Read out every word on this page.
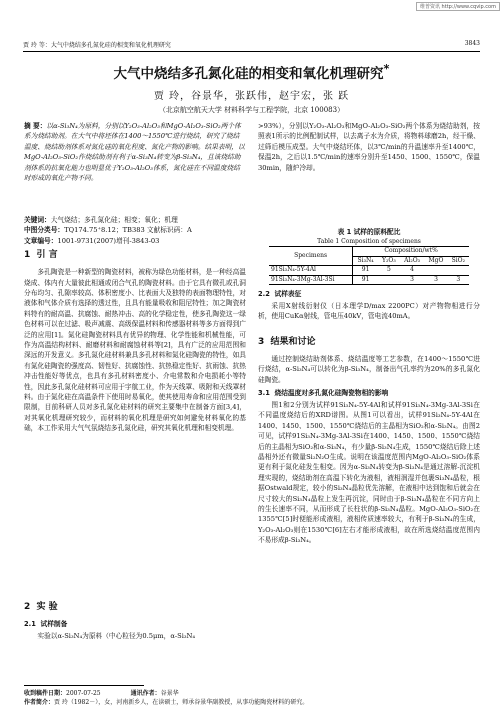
维普资讯 http://www.cqvip.com
贾 玲 等：大气中烧结多孔氮化硅的相变和氧化机理研究	3843
大气中烧结多孔氮化硅的相变和氧化机理研究*
贾 玲，谷景华，张跃伟，赵宇宏，张 跃
（北京航空航天大学 材料科学与工程学院，北京 100083）
摘 要：以α-Si₃N₄为原料，分别以Y₂O₃-Al₂O₃和MgO-Al₂O₃-SiO₂两个体系为烧结助剂。在大气中将坯体在1400～1550℃进行烧结，研究了烧结温度、烧结助剂体系对氮化硅的氧化程度、氮化产物的影响。结果表明，以MgO-Al₂O₃-SiO₂作烧结助剂有利于α-Si₃N₄转变为β-Si₃N₄，且该烧结助剂体系的抗氧化能力也明显优于Y₂O₃-Al₂O₃体系，氮化硅在不同温度烧结时形成的氧化产物不同。

关键词：大气烧结；多孔氮化硅；相变；氧化；机理

中图分类号：TQ174.75⁺8.12；TB383 文献标识码：A

文章编号：1001-9731(2007)增刊-3843-03

1 引 言

多孔陶瓷是一种新型的陶瓷材料，被称为绿色功能材料，是一种经高温烧成、体内有大量彼此相通或闭合气孔的陶瓷材料。由于它具有微孔或孔洞分布均匀、孔隙率较高、体积密度小、比表面大及独特的表面物理特性，对液体和气体介质有选择的透过性，且具有能量吸收和阻尼特性；加之陶瓷材料特有的耐高温、抗腐蚀、耐热冲击、高的化学稳定性，使多孔陶瓷这一绿色材料可以在过滤、吸声减震、高级保温材料和传感器材料等多方面得到广泛的应用[1]。氮化硅陶瓷材料具有优异的物理、化学性能和机械性能，可作为高温结构材料、耐磨材料和耐腐蚀材料等[2]，具有广泛的应用范围和深远的开发意义。多孔氮化硅材料兼具多孔材料和氮化硅陶瓷的特性，如具有氮化硅陶瓷的强度高、韧性好、抗腐蚀性、抗热稳定性好、抗雨蚀、抗热冲击性能好等优点，也具有多孔材料密度小、介电常数和介电损耗小等特性，因此多孔氮化硅材料可应用于宇航工业，作为天线罩、吸附和天线罩材料。由于氮化硅在高温条件下使用时易氧化，使其使用寿命和应用范围受到限制，目前科研人员对多孔氮化硅材料的研究主要集中在制备方面[3,4]，对其氧化机理研究较少，而材料的氧化机理是研究如何避免材料氧化的基础，本工作采用大气气氛烧结多孔氮化硅，研究其氧化机理和相变机理。

2 实 验
2.1 试样制备

实验以α-Si₃N₄为原料（中心粒径为0.5μm，α-Si₃N₄

>93%），分别以Y₂O₃-Al₂O₃和MgO-Al₂O₃-SiO₂两个体系为烧结助剂，按照表1所示的比例配制试样，以去离子水为介质，将物料球磨2h，经干燥、过筛后模压成型。大气中烧结坯体，以3℃/min的升温速率升至1400℃，保温2h，之后以1.5℃/min的速率分别升至1450、1500、1550℃，保温30min，随炉冷却。

表 1 试样的原料配比
Table 1 Composition of specimens
Specimens	Composition/wt%				
	Si₃N₄	Y₂O₃	Al₂O₃	MgO	SiO₂
91Si₃N₄-5Y-4Al	91	5	4		
91Si₃N₄-3Mg-3Al-3Si	91		3	3	3
2.2 试样表征

采用X射线衍射仪（日本理学D/max 2200PC）对产物物相进行分析，使用CuKα射线，管电压40kV，管电流40mA。

3 结果和讨论

通过控制烧结助剂体系、烧结温度等工艺参数，在1400～1550℃进行烧结，α-Si₃N₄可以转化为β-Si₃N₄，制备出气孔率约为20%的多孔氮化硅陶瓷。

3.1 烧结温度对多孔氮化硅陶瓷物相的影响

图1和2分别为试样91Si₃N₄-5Y-4Al和试样91Si₃N₄-3Mg-3Al-3Si在不同温度烧结后的XRD谱图。从图1可以看出，试样91Si₃N₄-5Y-4Al在1400、1450、1500、1550℃烧结后的主晶相为SiO₂和α-Si₃N₄。由图2可见，试样91Si₃N₄-3Mg-3Al-3Si在1400、1450、1500、1550℃烧结后的主晶相为SiO₂和α-Si₃N₄，有少量β-Si₃N₄生成，1550℃烧结后除上述晶相外还有微量Si₂N₂O生成。说明在该温度范围内MgO-Al₂O₃-SiO₂体系更有利于氮化硅发生相变。因为α-Si₃N₄转变为β-Si₃N₄是通过溶解-沉淀机理实现的，烧结助剂在高温下转化为液相，液相润湿并包裹Si₃N₄晶粒，根据Ostwald规定，较小的Si₃N₄晶粒优先溶解，在液相中达到饱和后就会在尺寸较大的Si₃N₄晶粒上发生再沉淀，同时由于β-Si₃N₄晶粒在不同方向上的生长速率不同，从而形成了长柱状的β-Si₃N₄晶粒。MgO-Al₂O₃-SiO₂在1355℃[5]时便能形成液相，液相传质速率较大，有利于β-Si₃N₄的生成，Y₂O₃-Al₂O₃则在1530℃[6]左右才能形成液相，故在所选烧结温度范围内不易形成β-Si₃N₄。

收到稿件日期：2007-07-25	通讯作者：谷景华
作者简介：贾 玲（1982－），女，河南新乡人，在读硕士，师承谷景华副教授，从事功能陶瓷材料的研究。
